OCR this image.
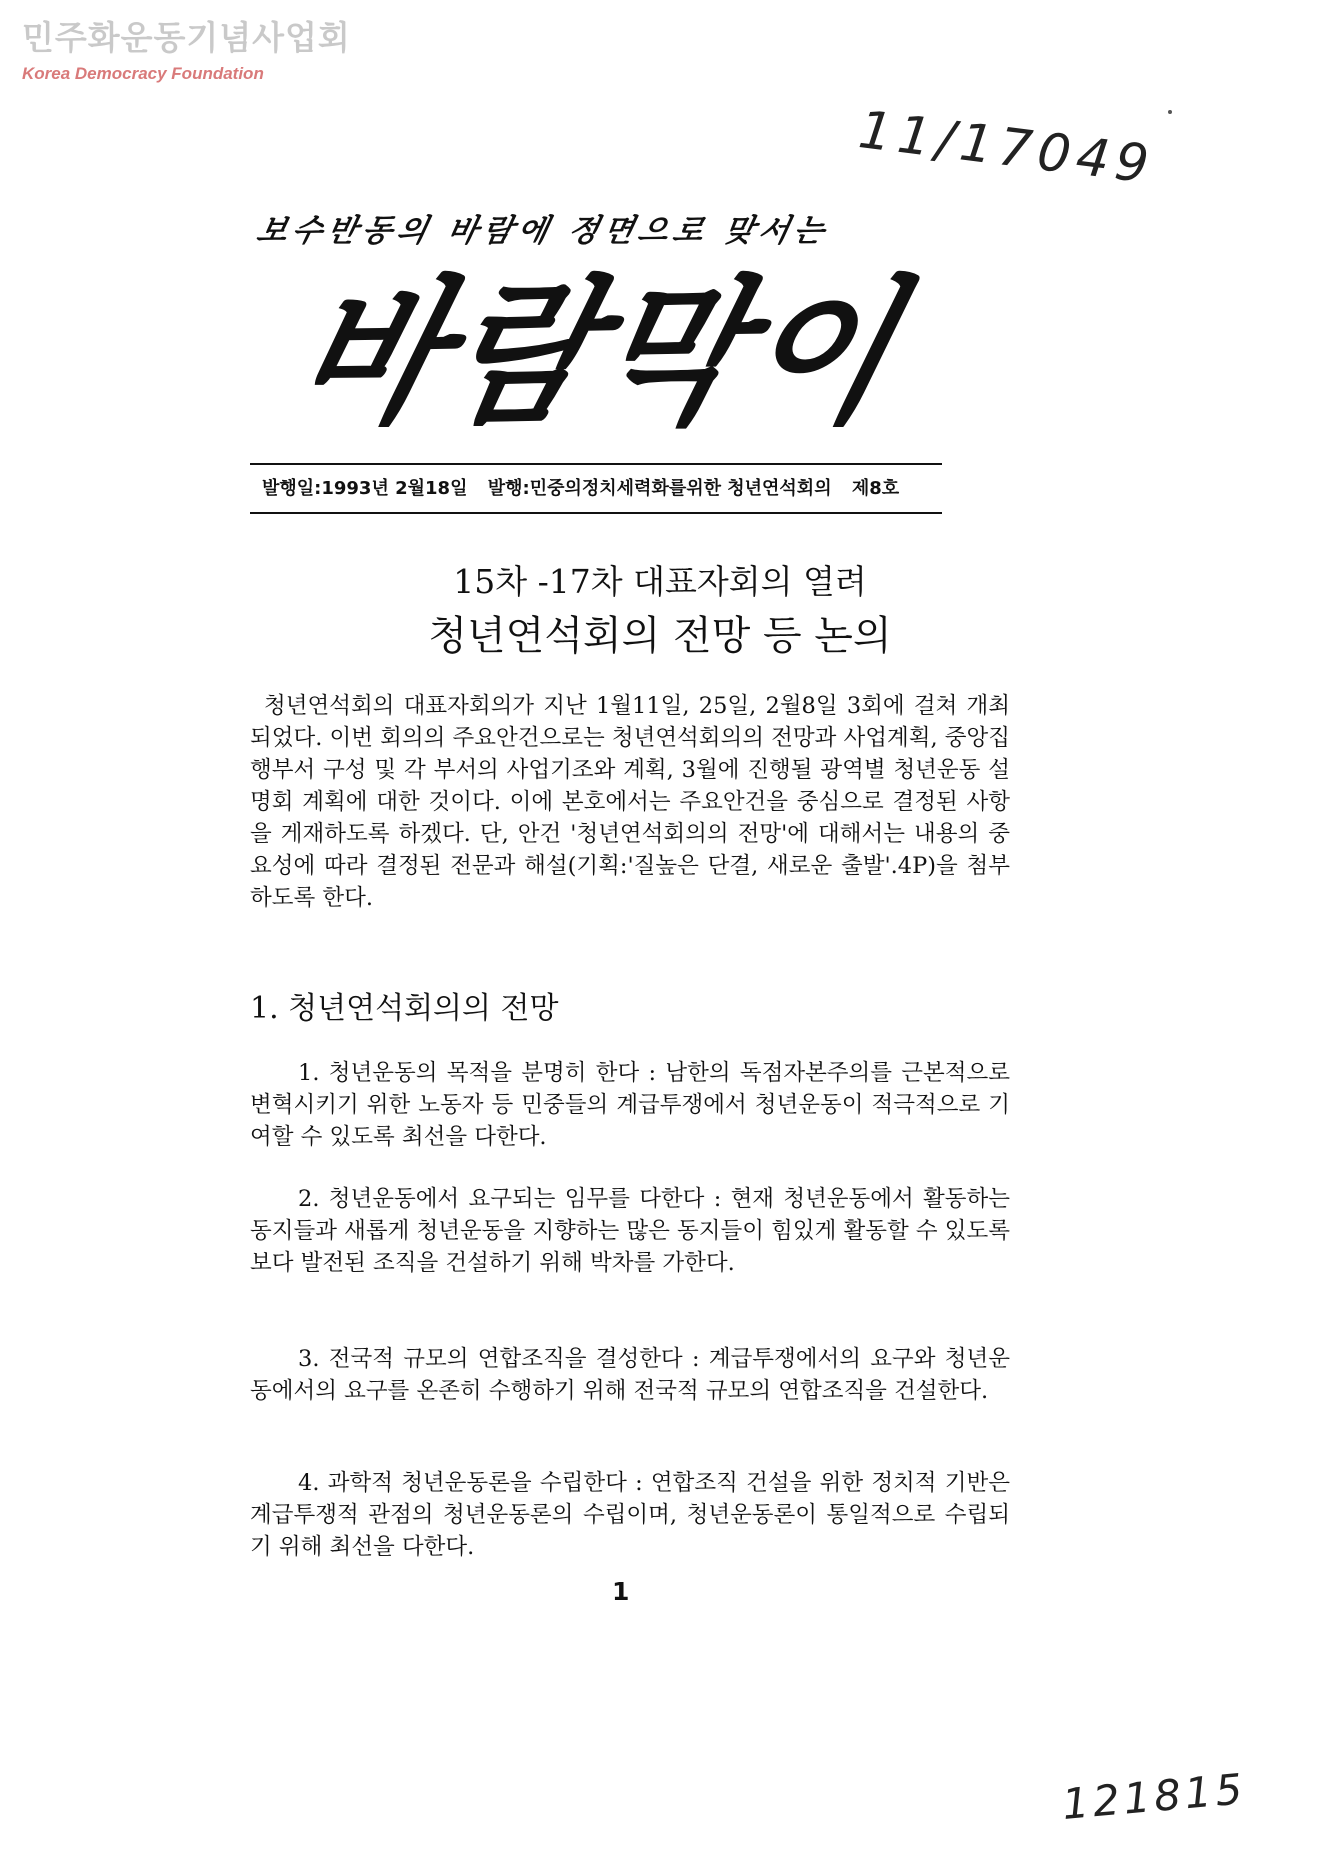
민주화운동기념사업회
Korea Democracy Foundation
11/17049
보수반동의 바람에 정면으로 맞서는
바람막이
발행일:1993년 2월18일 발행:민중의정치세력화를위한 청년연석회의 제8호
15차 -17차 대표자회의 열려
청년연석회의 전망 등 논의

청년연석회의 대표자회의가 지난 1월11일, 25일, 2월8일 3회에 걸쳐 개최되었다. 이번 회의의 주요안건으로는 청년연석회의의 전망과 사업계획, 중앙집행부서 구성 및 각 부서의 사업기조와 계획, 3월에 진행될 광역별 청년운동 설명회 계획에 대한 것이다. 이에 본호에서는 주요안건을 중심으로 결정된 사항을 게재하도록 하겠다. 단, 안건 '청년연석회의의 전망'에 대해서는 내용의 중요성에 따라 결정된 전문과 해설(기획:'질높은 단결, 새로운 출발'.4P)을 첨부하도록 한다.

1. 청년연석회의의 전망

1. 청년운동의 목적을 분명히 한다 : 남한의 독점자본주의를 근본적으로 변혁시키기 위한 노동자 등 민중들의 계급투쟁에서 청년운동이 적극적으로 기여할 수 있도록 최선을 다한다.

2. 청년운동에서 요구되는 임무를 다한다 : 현재 청년운동에서 활동하는 동지들과 새롭게 청년운동을 지향하는 많은 동지들이 힘있게 활동할 수 있도록 보다 발전된 조직을 건설하기 위해 박차를 가한다.

3. 전국적 규모의 연합조직을 결성한다 : 계급투쟁에서의 요구와 청년운동에서의 요구를 온존히 수행하기 위해 전국적 규모의 연합조직을 건설한다.

4. 과학적 청년운동론을 수립한다 : 연합조직 건설을 위한 정치적 기반은 계급투쟁적 관점의 청년운동론의 수립이며, 청년운동론이 통일적으로 수립되기 위해 최선을 다한다.

1
121815
